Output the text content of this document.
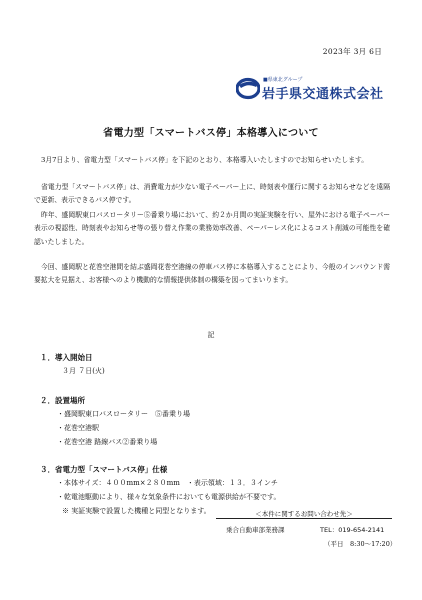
2023年 3月 6日
■県東北グループ
岩手県交通株式会社
省電力型「スマートバス停」本格導入について
3月7日より、省電力型「スマートバス停」を下記のとおり、本格導入いたしますのでお知らせいたします。
省電力型「スマートバス停」は、消費電力が少ない電子ペーパー上に、時刻表や運行に関するお知らせなどを遠隔で更新、表示できるバス停です。
昨年、盛岡駅東口バスロータリー⑤番乗り場において、約２か月間の実証実験を行い、屋外における電子ペーパー表示の視認性、時刻表やお知らせ等の張り替え作業の業務効率改善、ペーパーレス化によるコスト削減の可能性を確認いたしました。
今回、盛岡駅と花巻空港間を結ぶ盛岡花巻空港線の停車バス停に本格導入することにより、今般のインバウンド需要拡大を見据え、お客様へのより機動的な情報提供体制の構築を図ってまいります。
記
１．導入開始日
３月 ７日(火)
２．設置場所
・盛岡駅東口バスロータリー　⑤番乗り場
・花巻空港駅
・花巻空港 路線バス②番乗り場
３．省電力型「スマートバス停」仕様
・本体サイズ：４００mm×２８０mm　・表示領域：１３．３インチ
・乾電池駆動により、様々な気象条件においても電源供給が不要です。
※ 実証実験で設置した機種と同型となります。	＜本件に関するお問い合わせ先＞
乗合自動車部業務課	TEL：019-654-2141
（平日　8:30～17:20）
